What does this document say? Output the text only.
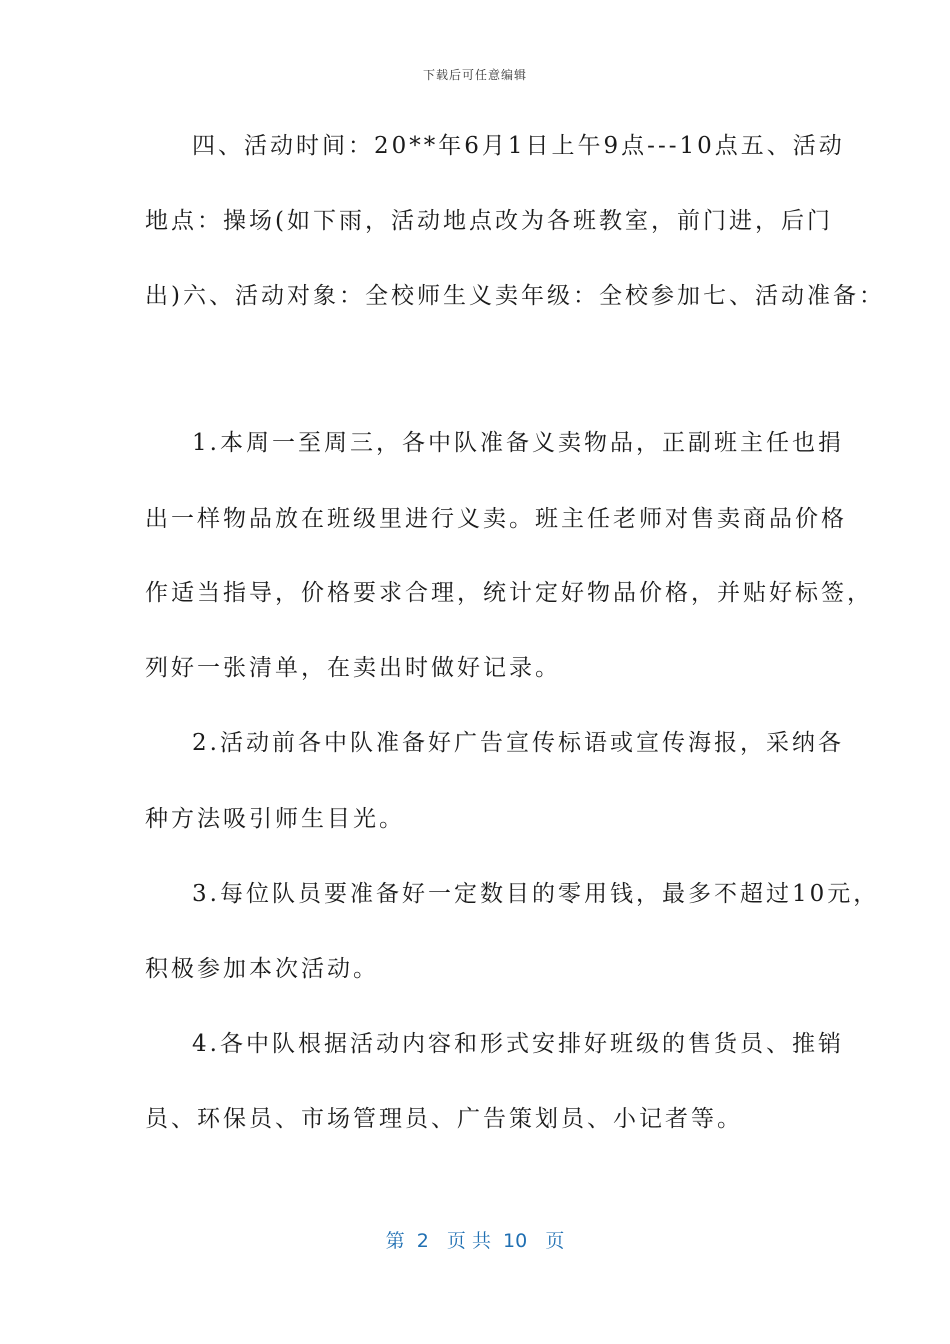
下载后可任意编辑
四、活动时间：20**年6月1日上午9点---10点五、活动
地点：操场(如下雨，活动地点改为各班教室，前门进，后门
出)六、活动对象：全校师生义卖年级：全校参加七、活动准备：
1.本周一至周三，各中队准备义卖物品，正副班主任也捐
出一样物品放在班级里进行义卖。班主任老师对售卖商品价格
作适当指导，价格要求合理，统计定好物品价格，并贴好标签，
列好一张清单，在卖出时做好记录。
2.活动前各中队准备好广告宣传标语或宣传海报，采纳各
种方法吸引师生目光。
3.每位队员要准备好一定数目的零用钱，最多不超过10元，
积极参加本次活动。
4.各中队根据活动内容和形式安排好班级的售货员、推销
员、环保员、市场管理员、广告策划员、小记者等。
第  2   页 共  10   页
